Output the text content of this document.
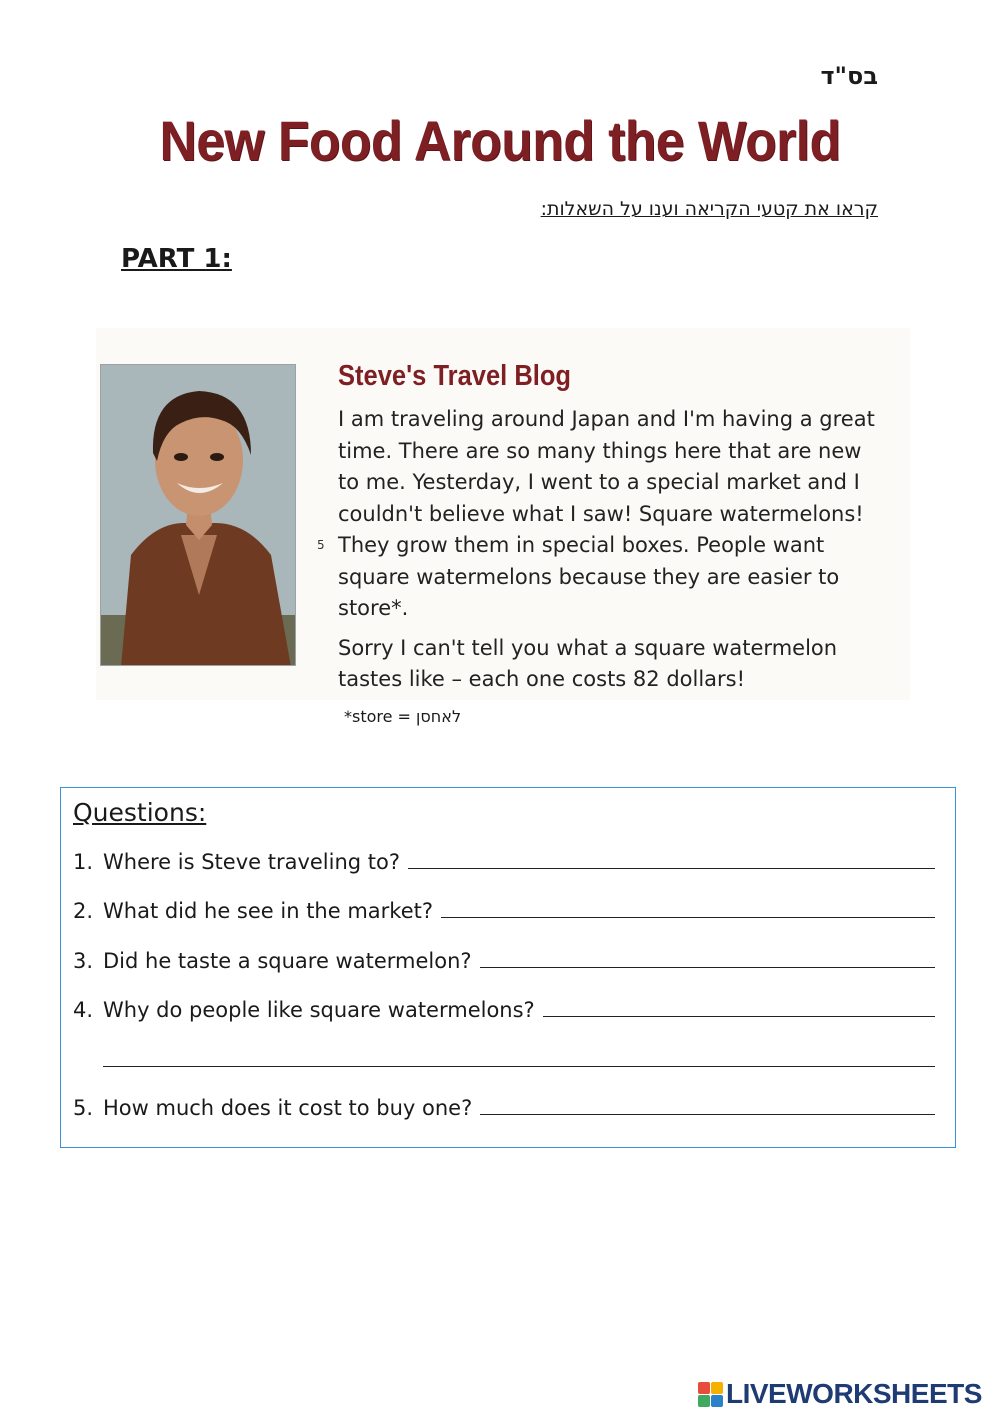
בס"ד
New Food Around the World
קראו את קטעי הקריאה וענו על השאלות:
PART 1:
Steve's Travel Blog

I am traveling around Japan and I'm having a great time. There are so many things here that are new to me. Yesterday, I went to a special market and I couldn't believe what I saw! Square watermelons! They grow them in special boxes. People want square watermelons because they are easier to store*.

Sorry I can't tell you what a square watermelon tastes like – each one costs 82 dollars!

5
*store = לאחסן
Questions:
1. Where is Steve traveling to?
2. What did he see in the market?
3. Did he taste a square watermelon?
4. Why do people like square watermelons?
5. How much does it cost to buy one?
LIVEWORKSHEETS
